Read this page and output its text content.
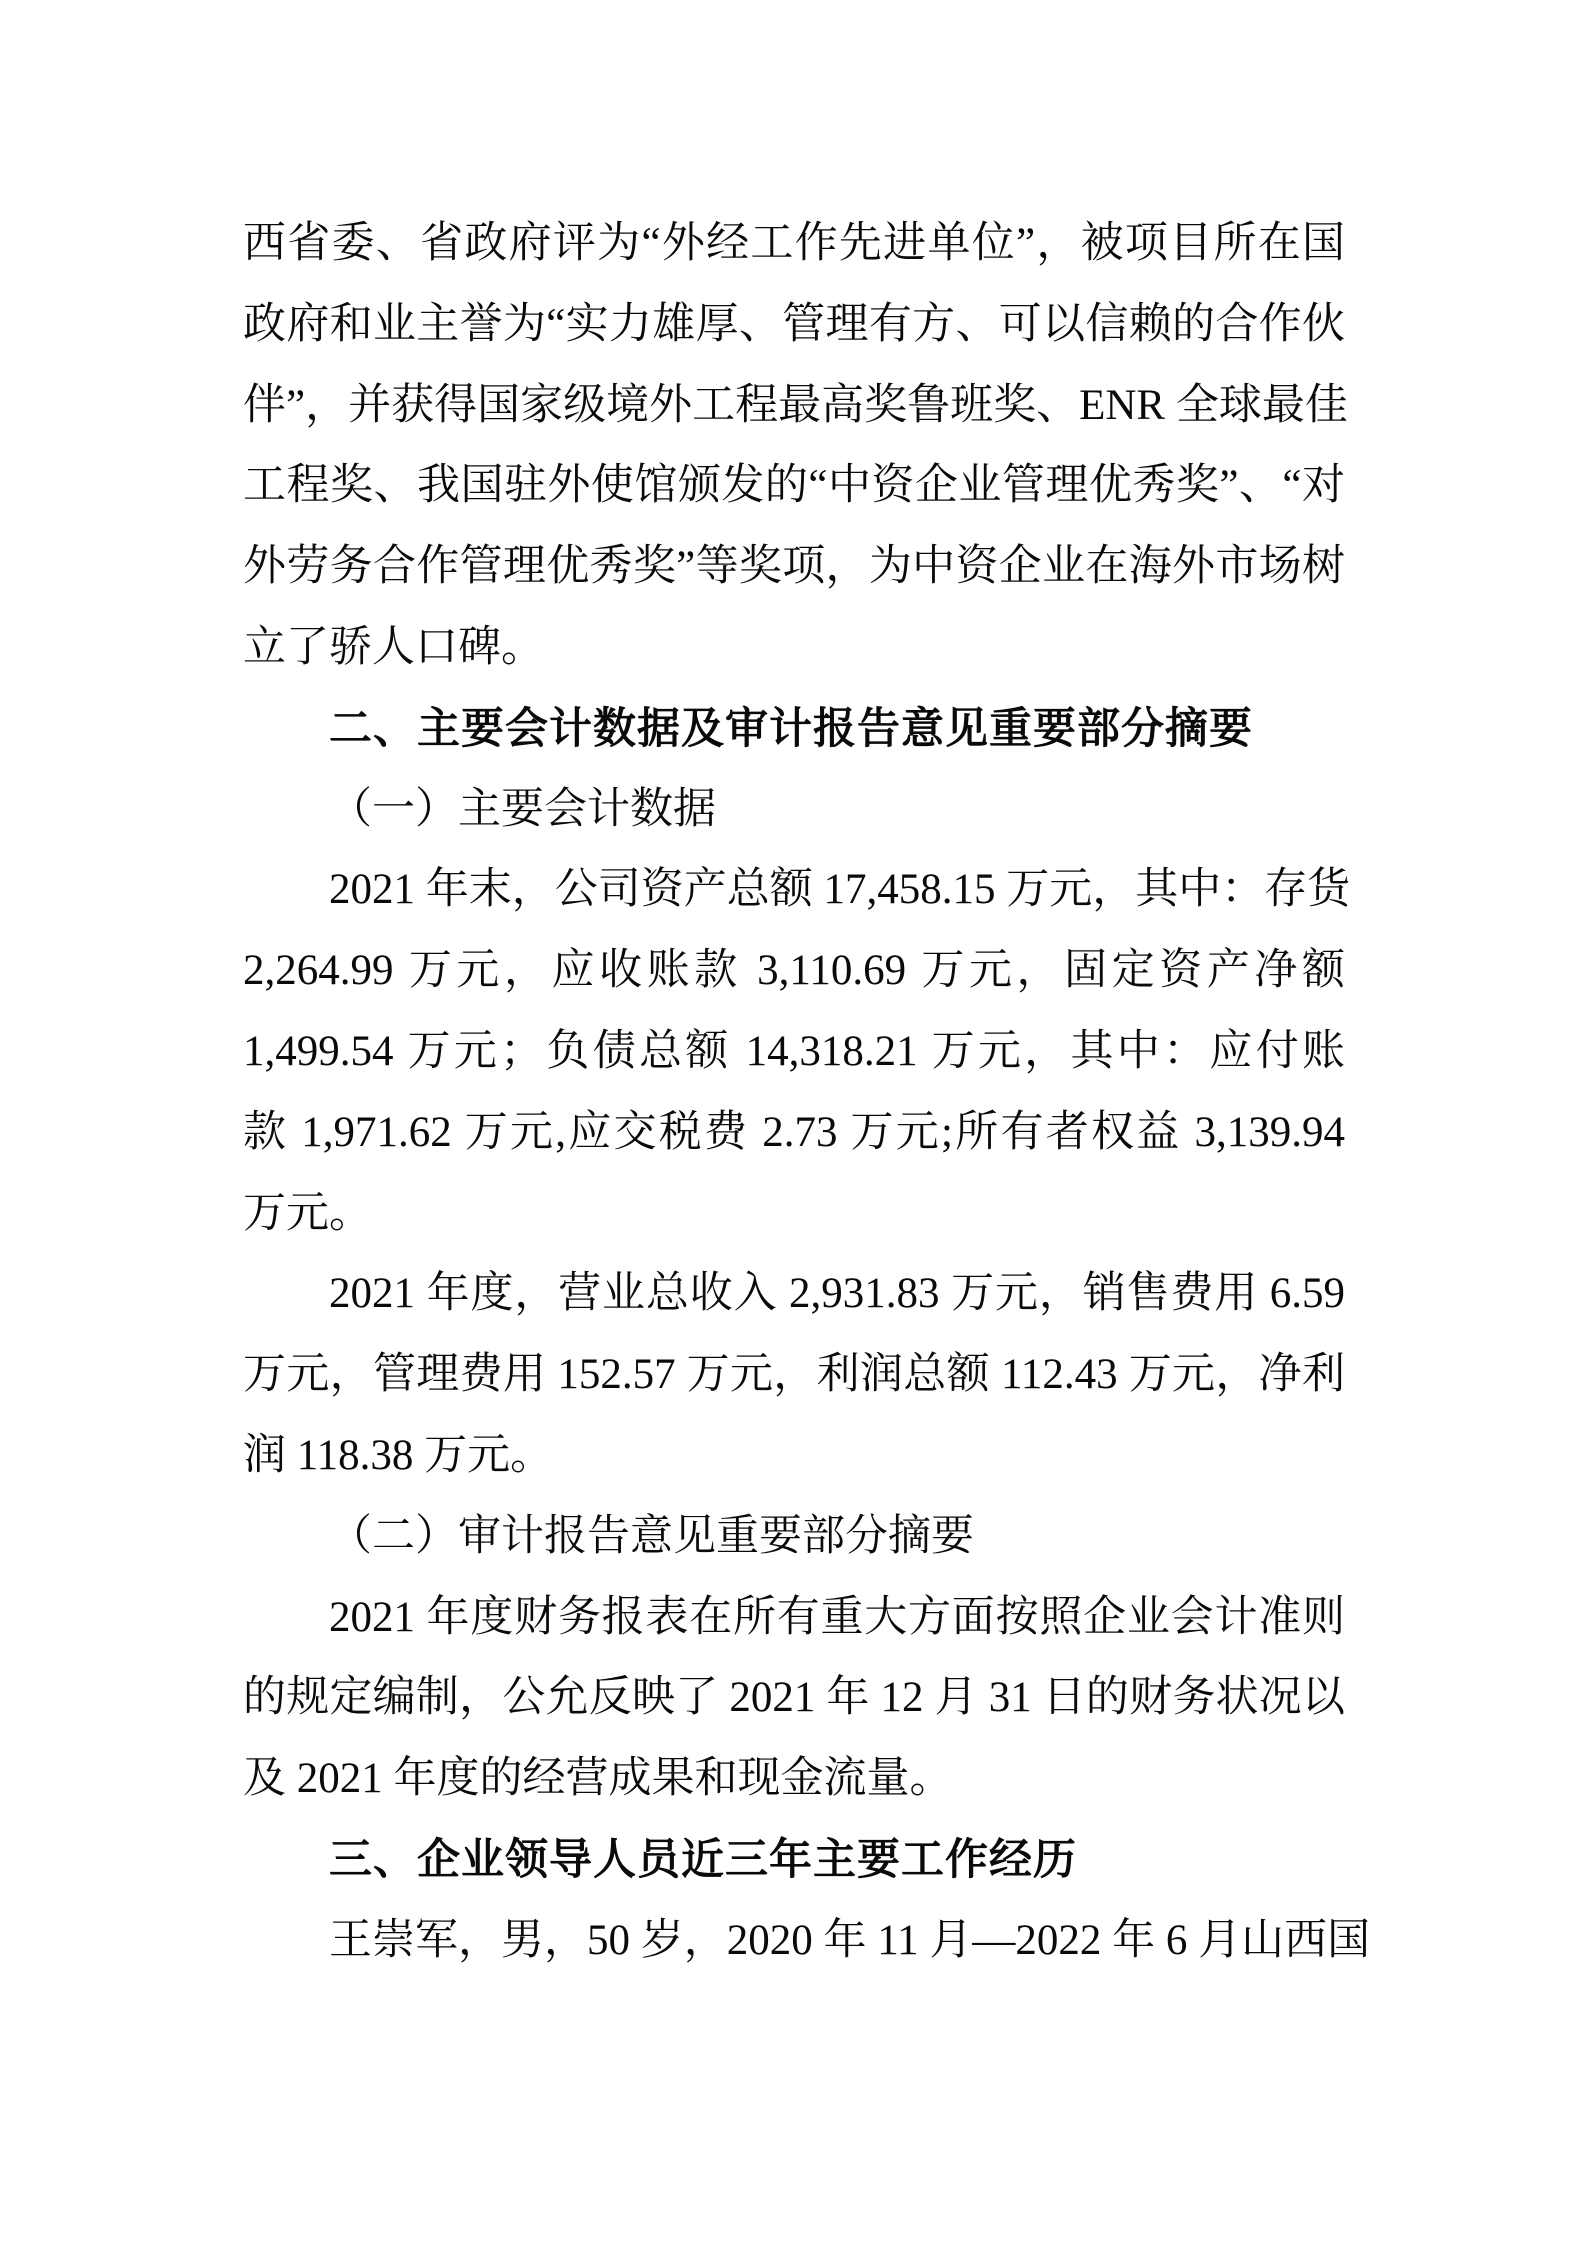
西省委、省政府评为“外经工作先进单位”，被项目所在国
政府和业主誉为“实力雄厚、管理有方、可以信赖的合作伙
伴”，并获得国家级境外工程最高奖鲁班奖、ENR 全球最佳
工程奖、我国驻外使馆颁发的“中资企业管理优秀奖”、“对
外劳务合作管理优秀奖”等奖项，为中资企业在海外市场树
立了骄人口碑。
二、主要会计数据及审计报告意见重要部分摘要
（一）主要会计数据
2021 年末，公司资产总额 17,458.15 万元，其中：存货
2,264.99 万元，应收账款 3,110.69 万元，固定资产净额
1,499.54 万元；负债总额 14,318.21 万元，其中：应付账
款 1,971.62 万元,应交税费 2.73 万元;所有者权益 3,139.94
万元。
2021 年度，营业总收入 2,931.83 万元，销售费用 6.59
万元，管理费用 152.57 万元，利润总额 112.43 万元，净利
润 118.38 万元。
（二）审计报告意见重要部分摘要
2021 年度财务报表在所有重大方面按照企业会计准则
的规定编制，公允反映了 2021 年 12 月 31 日的财务状况以
及 2021 年度的经营成果和现金流量。
三、企业领导人员近三年主要工作经历
王崇军，男，50 岁，2020 年 11 月—2022 年 6 月山西国
